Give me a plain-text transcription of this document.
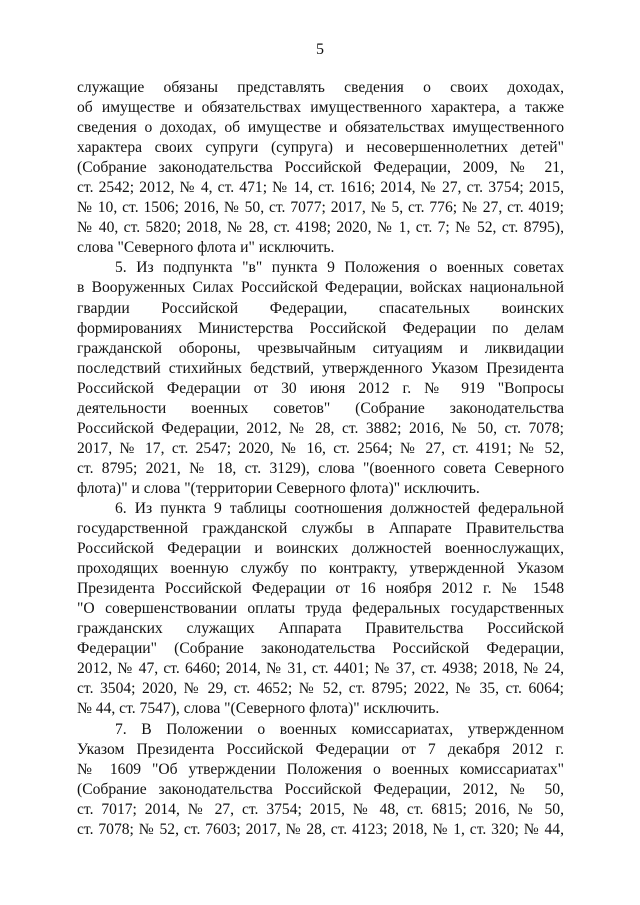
5
служащие обязаны представлять сведения о своих доходах,
об имуществе и обязательствах имущественного характера, а также
сведения о доходах, об имуществе и обязательствах имущественного
характера своих супруги (супруга) и несовершеннолетних детей"
(Собрание законодательства Российской Федерации, 2009, № 21,
ст. 2542; 2012, № 4, ст. 471; № 14, ст. 1616; 2014, № 27, ст. 3754; 2015,
№ 10, ст. 1506; 2016, № 50, ст. 7077; 2017, № 5, ст. 776; № 27, ст. 4019;
№ 40, ст. 5820; 2018, № 28, ст. 4198; 2020, № 1, ст. 7; № 52, ст. 8795),
слова "Северного флота и" исключить.
5. Из подпункта "в" пункта 9 Положения о военных советах
в Вооруженных Силах Российской Федерации, войсках национальной
гвардии Российской Федерации, спасательных воинских
формированиях Министерства Российской Федерации по делам
гражданской обороны, чрезвычайным ситуациям и ликвидации
последствий стихийных бедствий, утвержденного Указом Президента
Российской Федерации от 30 июня 2012 г. № 919 "Вопросы
деятельности военных советов" (Собрание законодательства
Российской Федерации, 2012, № 28, ст. 3882; 2016, № 50, ст. 7078;
2017, № 17, ст. 2547; 2020, № 16, ст. 2564; № 27, ст. 4191; № 52,
ст. 8795; 2021, № 18, ст. 3129), слова "(военного совета Северного
флота)" и слова "(территории Северного флота)" исключить.
6. Из пункта 9 таблицы соотношения должностей федеральной
государственной гражданской службы в Аппарате Правительства
Российской Федерации и воинских должностей военнослужащих,
проходящих военную службу по контракту, утвержденной Указом
Президента Российской Федерации от 16 ноября 2012 г. № 1548
"О совершенствовании оплаты труда федеральных государственных
гражданских служащих Аппарата Правительства Российской
Федерации" (Собрание законодательства Российской Федерации,
2012, № 47, ст. 6460; 2014, № 31, ст. 4401; № 37, ст. 4938; 2018, № 24,
ст. 3504; 2020, № 29, ст. 4652; № 52, ст. 8795; 2022, № 35, ст. 6064;
№ 44, ст. 7547), слова "(Северного флота)" исключить.
7. В Положении о военных комиссариатах, утвержденном
Указом Президента Российской Федерации от 7 декабря 2012 г.
№ 1609 "Об утверждении Положения о военных комиссариатах"
(Собрание законодательства Российской Федерации, 2012, № 50,
ст. 7017; 2014, № 27, ст. 3754; 2015, № 48, ст. 6815; 2016, № 50,
ст. 7078; № 52, ст. 7603; 2017, № 28, ст. 4123; 2018, № 1, ст. 320; № 44,
